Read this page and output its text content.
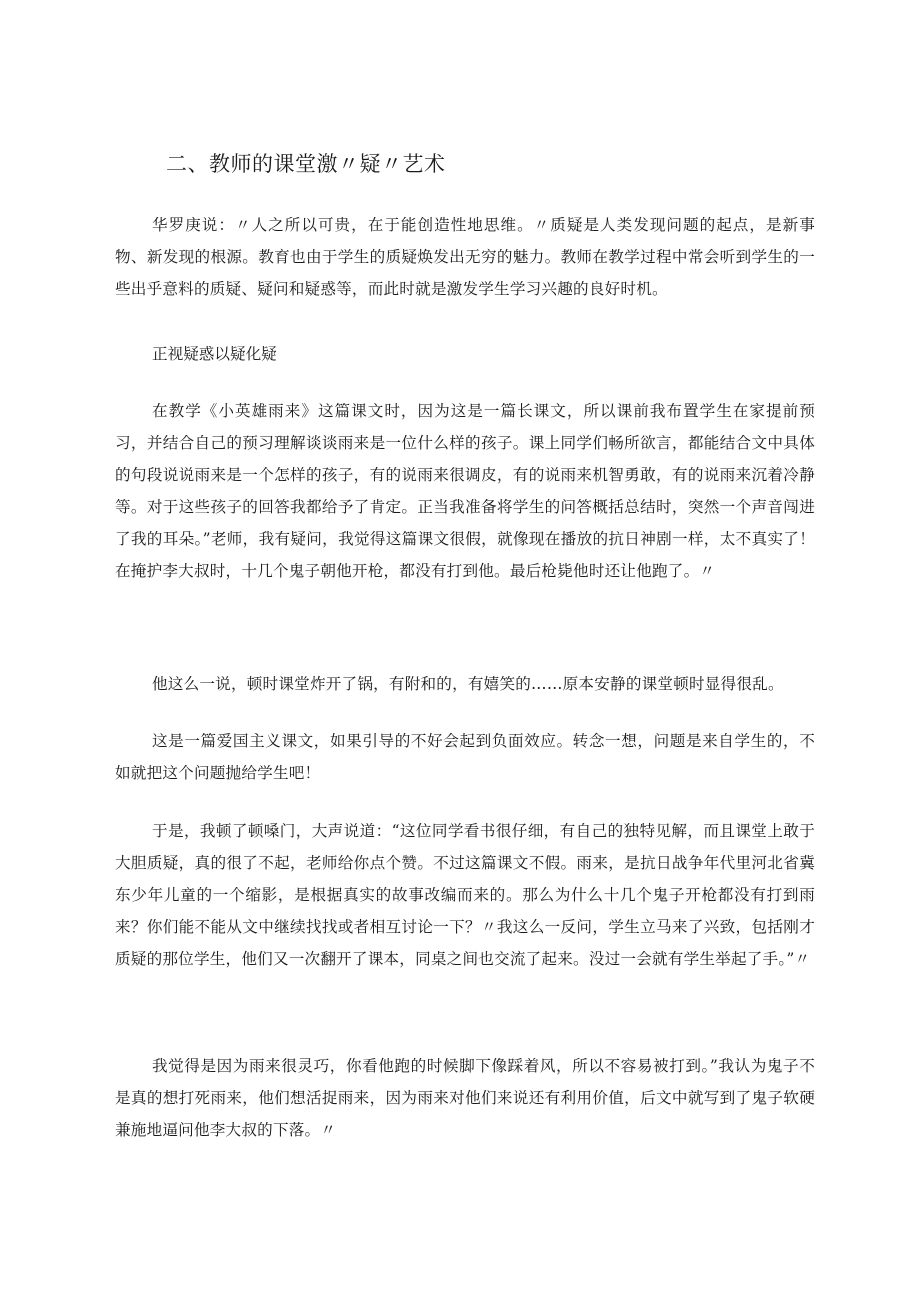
二、教师的课堂激〃疑〃艺术

华罗庚说：〃人之所以可贵，在于能创造性地思维。〃质疑是人类发现问题的起点，是新事物、新发现的根源。教育也由于学生的质疑焕发出无穷的魅力。教师在教学过程中常会听到学生的一些出乎意料的质疑、疑问和疑惑等，而此时就是激发学生学习兴趣的良好时机。

正视疑惑以疑化疑

在教学《小英雄雨来》这篇课文时，因为这是一篇长课文，所以课前我布置学生在家提前预习，并结合自己的预习理解谈谈雨来是一位什么样的孩子。课上同学们畅所欲言，都能结合文中具体的句段说说雨来是一个怎样的孩子，有的说雨来很调皮，有的说雨来机智勇敢，有的说雨来沉着冷静等。对于这些孩子的回答我都给予了肯定。正当我准备将学生的问答概括总结时，突然一个声音闯进了我的耳朵。”老师，我有疑问，我觉得这篇课文很假，就像现在播放的抗日神剧一样，太不真实了！在掩护李大叔时，十几个鬼子朝他开枪，都没有打到他。最后枪毙他时还让他跑了。〃

他这么一说，顿时课堂炸开了锅，有附和的，有嬉笑的……原本安静的课堂顿时显得很乱。

这是一篇爱国主义课文，如果引导的不好会起到负面效应。转念一想，问题是来自学生的，不如就把这个问题抛给学生吧！

于是，我顿了顿嗓门，大声说道：“这位同学看书很仔细，有自己的独特见解，而且课堂上敢于大胆质疑，真的很了不起，老师给你点个赞。不过这篇课文不假。雨来，是抗日战争年代里河北省冀东少年儿童的一个缩影，是根据真实的故事改编而来的。那么为什么十几个鬼子开枪都没有打到雨来？你们能不能从文中继续找找或者相互讨论一下？〃我这么一反问，学生立马来了兴致，包括刚才质疑的那位学生，他们又一次翻开了课本，同桌之间也交流了起来。没过一会就有学生举起了手。”〃

我觉得是因为雨来很灵巧，你看他跑的时候脚下像踩着风，所以不容易被打到。”我认为鬼子不是真的想打死雨来，他们想活捉雨来，因为雨来对他们来说还有利用价值，后文中就写到了鬼子软硬兼施地逼问他李大叔的下落。〃
